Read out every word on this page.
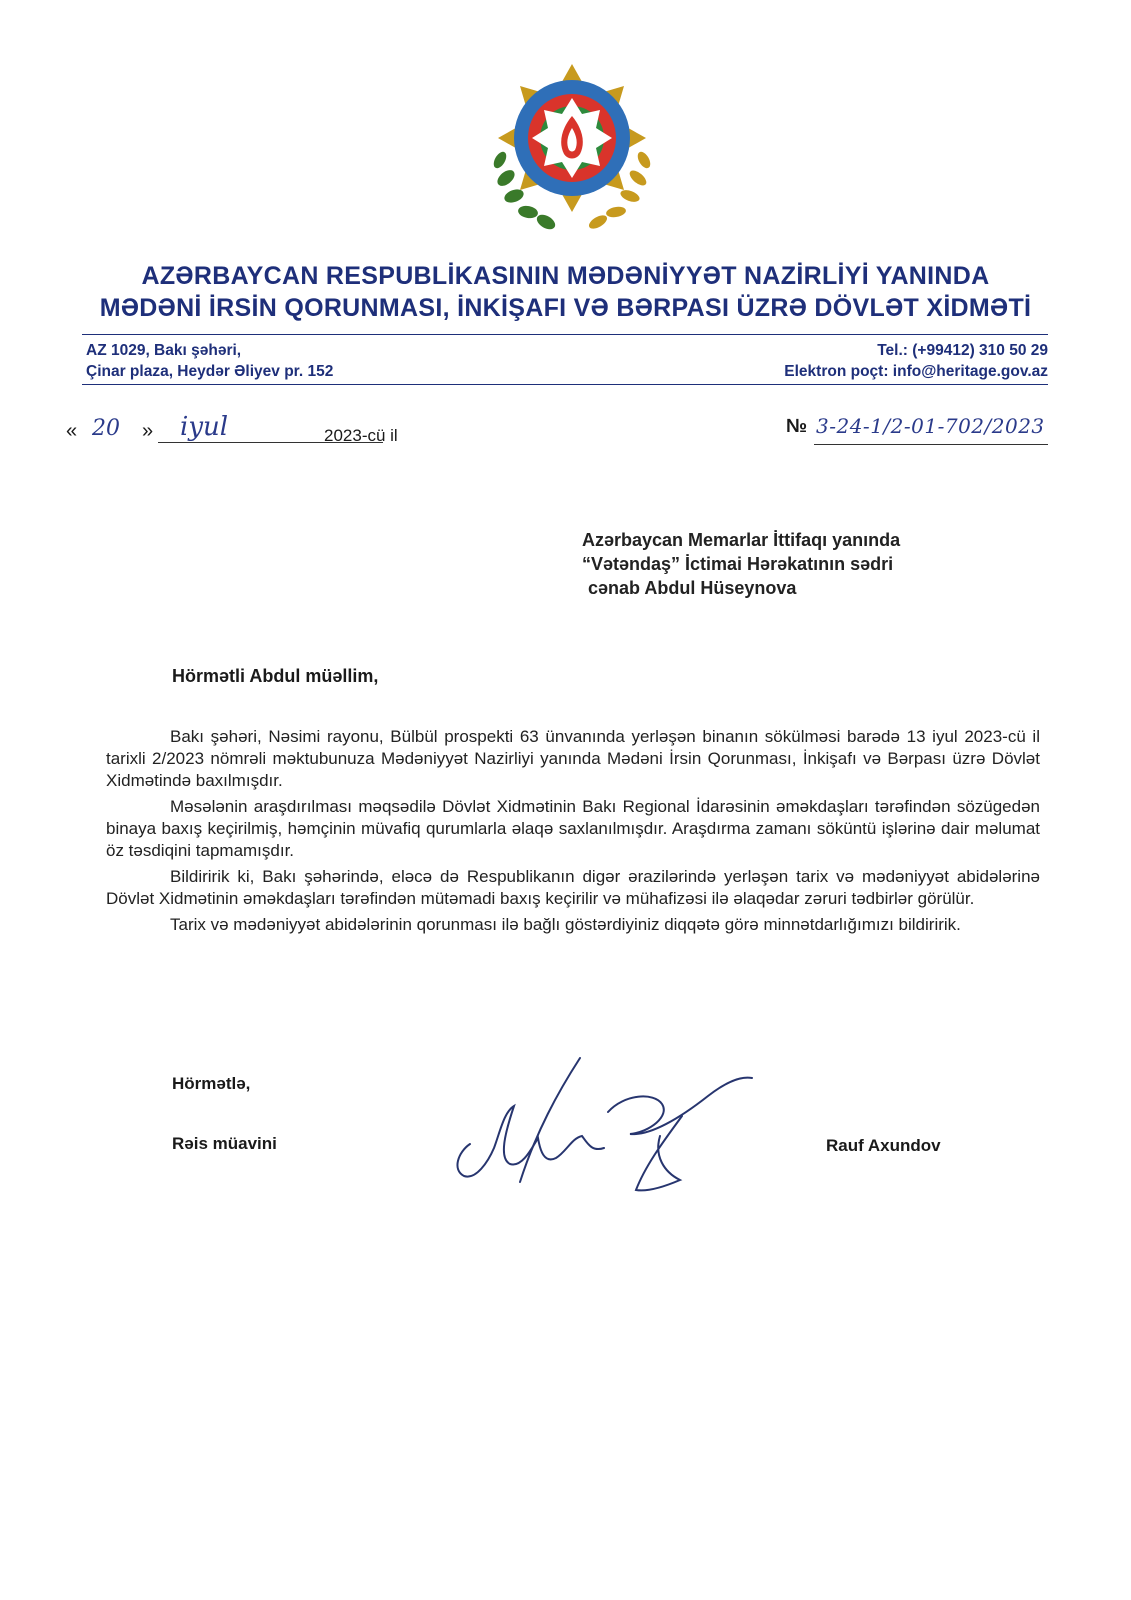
AZƏRBAYCAN RESPUBLİKASININ MƏDƏNİYYƏT NAZİRLİYİ YANINDA
MƏDƏNİ İRSİN QORUNMASI, İNKİŞAFI VƏ BƏRPASI ÜZRƏ DÖVLƏT XİDMƏTİ
AZ 1029, Bakı şəhəri,
Çinar plaza, Heydər Əliyev pr. 152
Tel.: (+99412) 310 50 29
Elektron poçt: info@heritage.gov.az
« 20 » iyul	2023-cü il	№ 3-24-1/2-01-702/2023
Azərbaycan Memarlar İttifaqı yanında
“Vətəndaş” İctimai Hərəkatının sədri
cənab Abdul Hüseynova
Hörmətli Abdul müəllim,

Bakı şəhəri, Nəsimi rayonu, Bülbül prospekti 63 ünvanında yerləşən binanın sökülməsi barədə 13 iyul 2023-cü il tarixli 2/2023 nömrəli məktubunuza Mədəniyyət Nazirliyi yanında Mədəni İrsin Qorunması, İnkişafı və Bərpası üzrə Dövlət Xidmətində baxılmışdır.

Məsələnin araşdırılması məqsədilə Dövlət Xidmətinin Bakı Regional İdarəsinin əməkdaşları tərəfindən sözügedən binaya baxış keçirilmiş, həmçinin müvafiq qurumlarla əlaqə saxlanılmışdır. Araşdırma zamanı söküntü işlərinə dair məlumat öz təsdiqini tapmamışdır.

Bildiririk ki, Bakı şəhərində, eləcə də Respublikanın digər ərazilərində yerləşən tarix və mədəniyyət abidələrinə Dövlət Xidmətinin əməkdaşları tərəfindən mütəmadi baxış keçirilir və mühafizəsi ilə əlaqədar zəruri tədbirlər görülür.

Tarix və mədəniyyət abidələrinin qorunması ilə bağlı göstərdiyiniz diqqətə görə minnətdarlığımızı bildiririk.

Hörmətlə,
Rəis müavini	Rauf Axundov
